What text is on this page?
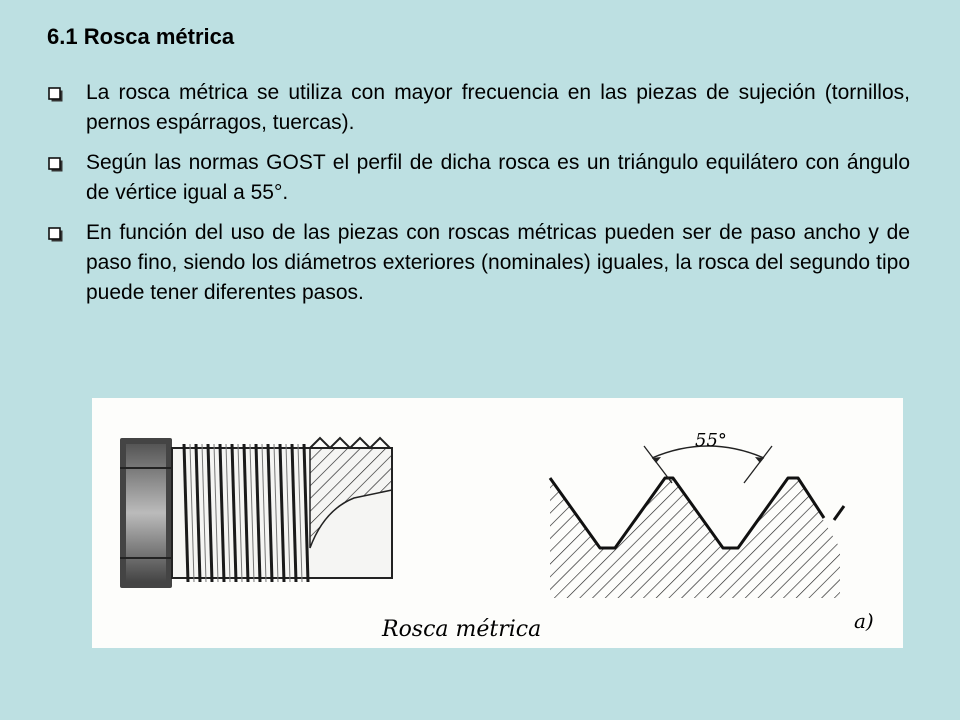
6.1 Rosca métrica
La rosca métrica se utiliza con mayor frecuencia en las piezas de sujeción (tornillos, pernos espárragos, tuercas).
Según las normas GOST el perfil de dicha rosca es un triángulo equilátero con ángulo de vértice igual a 55°.
En función del uso de las piezas con roscas métricas pueden ser de paso ancho y de paso fino, siendo los diámetros exteriores (nominales) iguales, la rosca del segundo tipo puede tener diferentes pasos.
55°
Rosca métrica	a)
